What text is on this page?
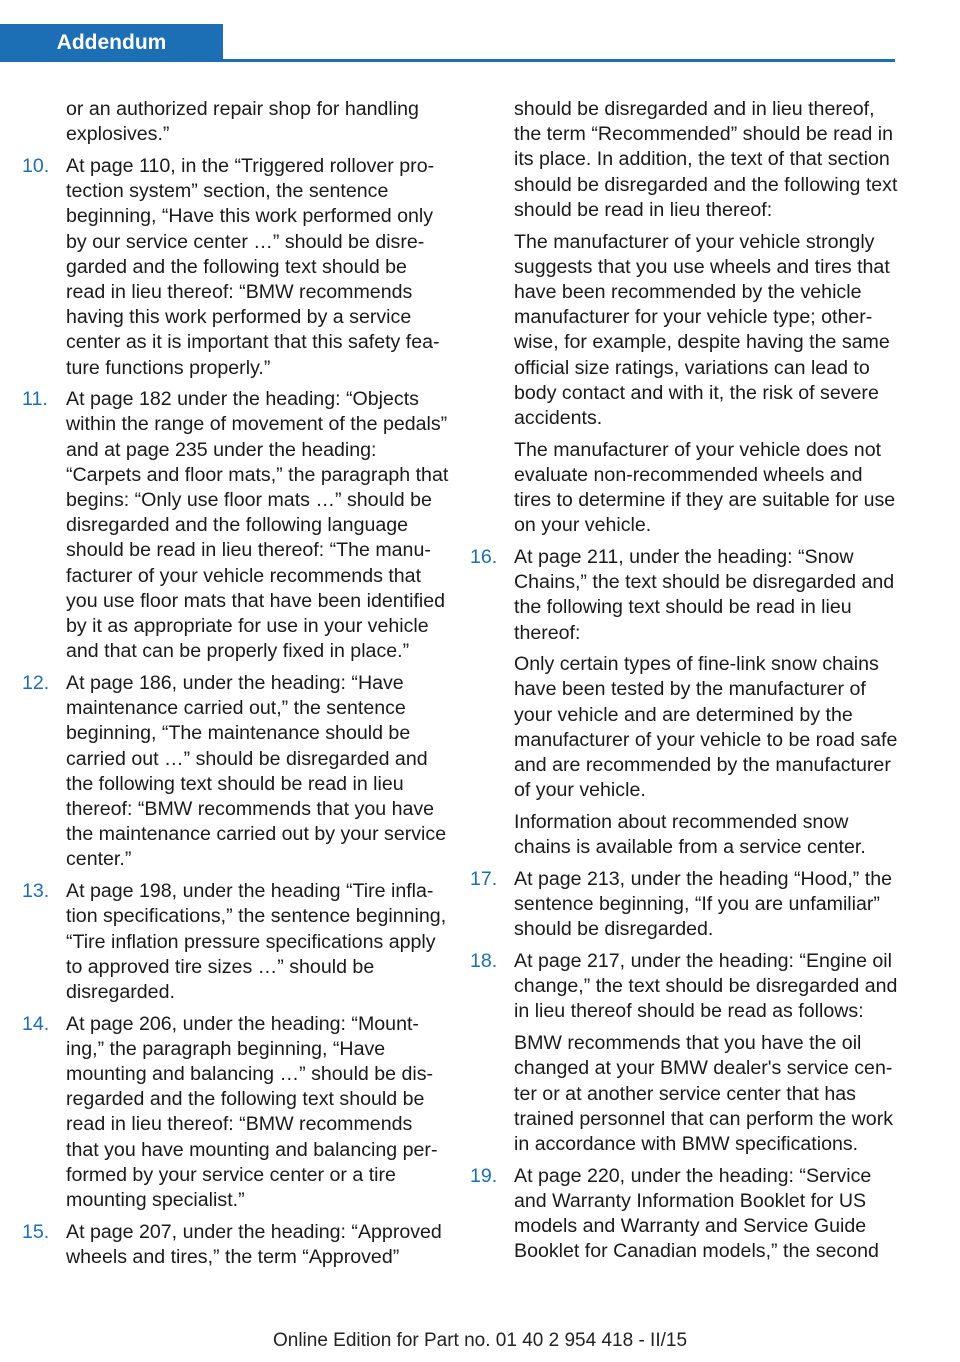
Addendum
or an authorized repair shop for handling explosives.”
10. At page 110, in the “Triggered rollover protection system” section, the sentence beginning, “Have this work performed only by our service center …” should be disregarded and the following text should be read in lieu thereof: “BMW recommends having this work performed by a service center as it is important that this safety feature functions properly.”

11. At page 182 under the heading: “Objects within the range of movement of the pedals” and at page 235 under the heading: “Carpets and floor mats,” the paragraph that begins: “Only use floor mats …” should be disregarded and the following language should be read in lieu thereof: “The manufacturer of your vehicle recommends that you use floor mats that have been identified by it as appropriate for use in your vehicle and that can be properly fixed in place.”

12. At page 186, under the heading: “Have maintenance carried out,” the sentence beginning, “The maintenance should be carried out …” should be disregarded and the following text should be read in lieu thereof: “BMW recommends that you have the maintenance carried out by your service center.”

13. At page 198, under the heading “Tire inflation specifications,” the sentence beginning, “Tire inflation pressure specifications apply to approved tire sizes …” should be disregarded.

14. At page 206, under the heading: “Mounting,” the paragraph beginning, “Have mounting and balancing …” should be disregarded and the following text should be read in lieu thereof: “BMW recommends that you have mounting and balancing performed by your service center or a tire mounting specialist.”

15. At page 207, under the heading: “Approved wheels and tires,” the term “Approved”

should be disregarded and in lieu thereof, the term “Recommended” should be read in its place. In addition, the text of that section should be disregarded and the following text should be read in lieu thereof:

The manufacturer of your vehicle strongly suggests that you use wheels and tires that have been recommended by the vehicle manufacturer for your vehicle type; otherwise, for example, despite having the same official size ratings, variations can lead to body contact and with it, the risk of severe accidents.

The manufacturer of your vehicle does not evaluate non-recommended wheels and tires to determine if they are suitable for use on your vehicle.

16. At page 211, under the heading: “Snow Chains,” the text should be disregarded and the following text should be read in lieu thereof:

Only certain types of fine-link snow chains have been tested by the manufacturer of your vehicle and are determined by the manufacturer of your vehicle to be road safe and are recommended by the manufacturer of your vehicle.

Information about recommended snow chains is available from a service center.

17. At page 213, under the heading “Hood,” the sentence beginning, “If you are unfamiliar” should be disregarded.

18. At page 217, under the heading: “Engine oil change,” the text should be disregarded and in lieu thereof should be read as follows:

BMW recommends that you have the oil changed at your BMW dealer's service center or at another service center that has trained personnel that can perform the work in accordance with BMW specifications.

19. At page 220, under the heading: “Service and Warranty Information Booklet for US models and Warranty and Service Guide Booklet for Canadian models,” the second

Online Edition for Part no. 01 40 2 954 418 - II/15
